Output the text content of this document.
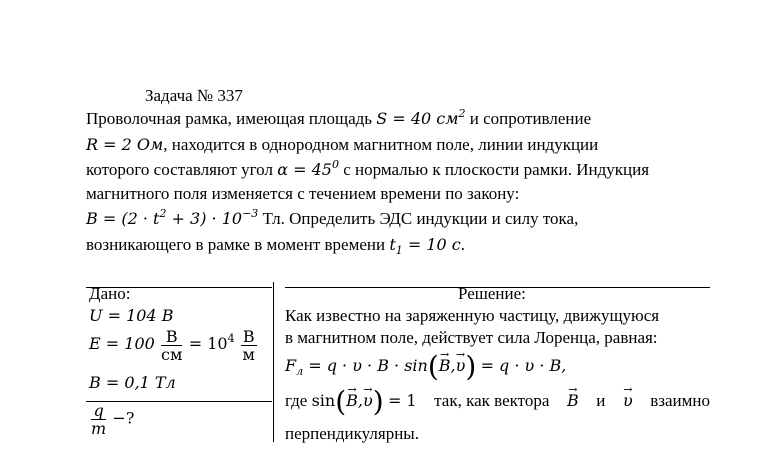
Задача № 337
Проволочная рамка, имеющая площадь S = 40 $см^2$ и сопротивление
R = 2 Ом, находится в однородном магнитном поле, линии индукции
которого составляют угол $\alpha = 45^0$ с нормалью к плоскости рамки. Индукция
магнитного поля изменяется с течением времени по закону:
$B = (2 \cdot t^2 + 3) \cdot 10^{-3}$ Тл. Определить ЭДС индукции и силу тока,
возникающего в рамке в момент времени $t_1 = 10$ с.
Дано:
U = 104 В
$E = 100 \frac{В}{см} = 10^4 \frac{В}{м}$
B = 0,1 Тл
$\frac{q}{m}$ −?
Решение:
Как известно на заряженную частицу, движущуюся
в магнитном поле, действует сила Лоренца, равная:
$F_л = q \cdot \upsilon \cdot B \cdot \sin(\to B,\to \upsilon) = q \cdot \upsilon \cdot B$,
где sin(→ B,→ υ) = 1 так, как вектора → B и → υ взаимно
перпендикулярны.
